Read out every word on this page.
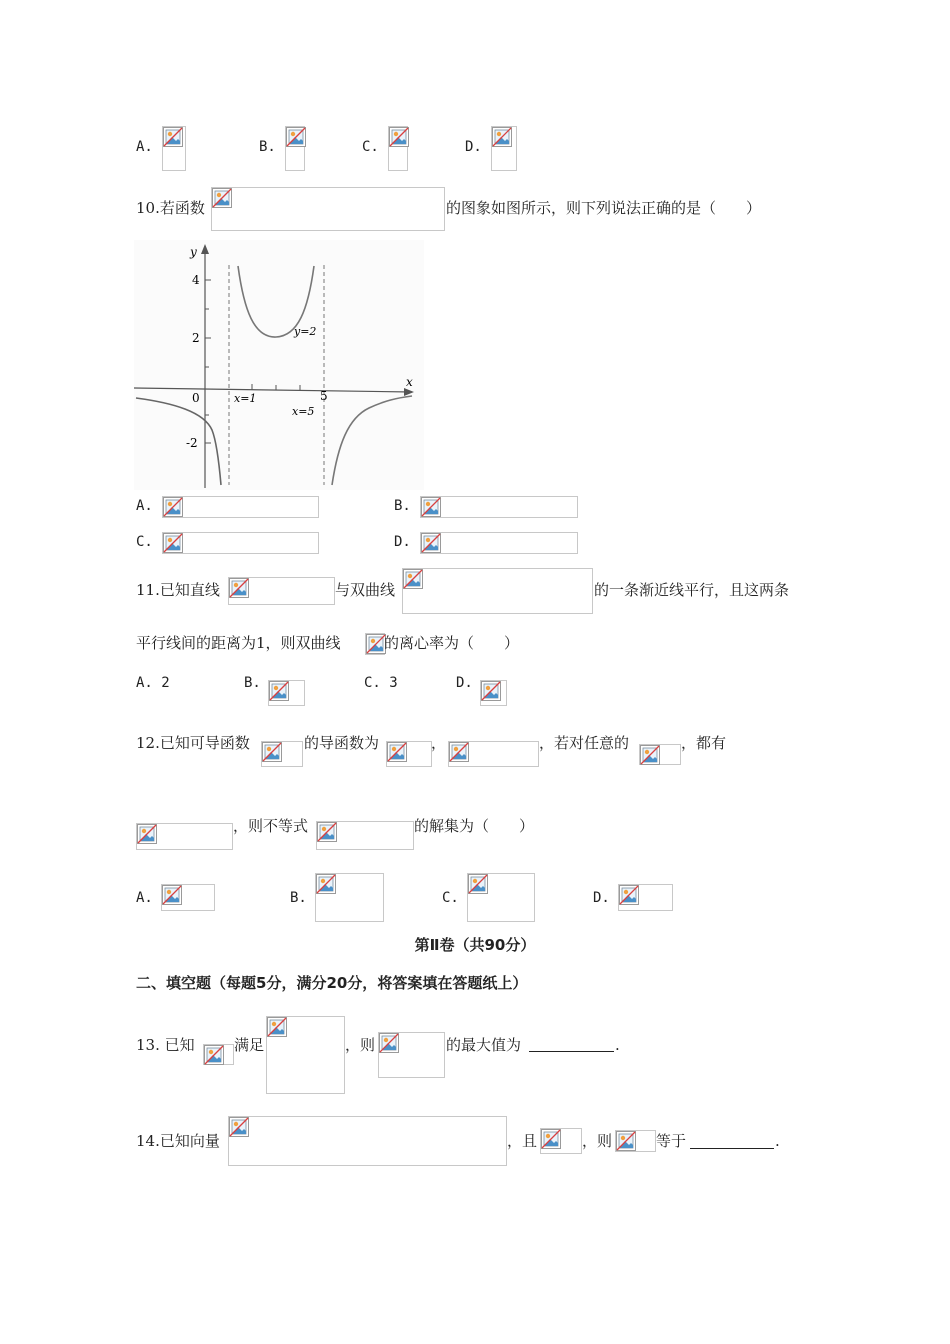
A.	B.	C.	D.
10.若函数	的图象如图所示，则下列说法正确的是（　　）
y
x
4
2
0
-2
5
x=1
x=5
y=2
A.	B.
C.	D.
11.已知直线	与双曲线	的一条渐近线平行，且这两条
平行线间的距离为1，则双曲线	的离心率为（　　）
A. 2	B.	C. 3	D.
12.已知可导函数	的导函数为	，	，若对任意的	，都有
，则不等式	的解集为（　　）
A.	B.	C.	D.
第Ⅱ卷（共90分）
二、填空题（每题5分，满分20分，将答案填在答题纸上）
13. 已知	满足	，则	的最大值为	.
14.已知向量	，且	，则	等于	.
